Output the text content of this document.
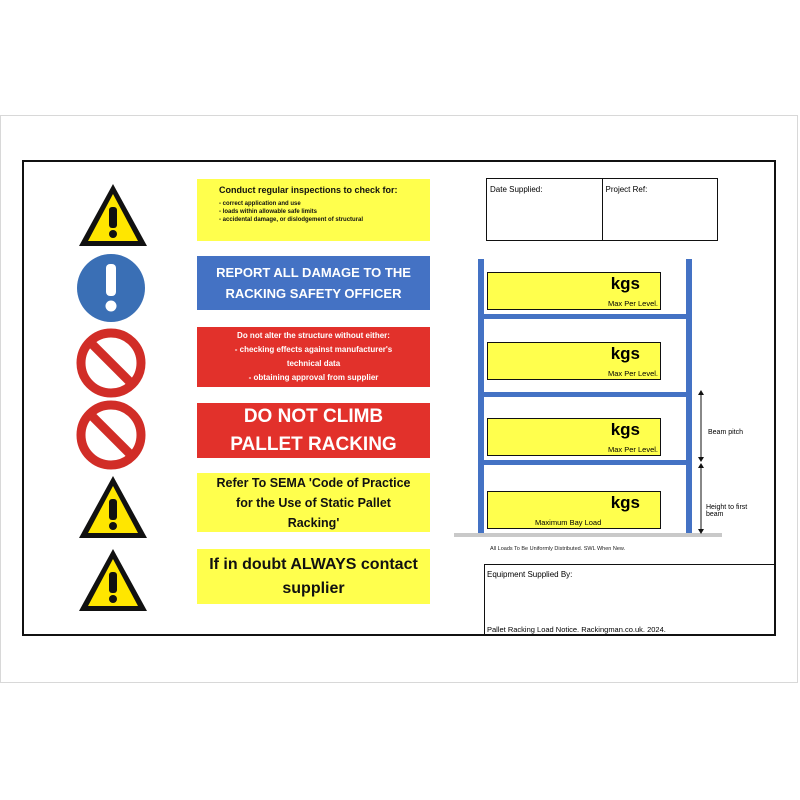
Conduct regular inspections to check for:
- correct application and use
- loads within allowable safe limits
- accidental damage, or dislodgement of structural
REPORT ALL DAMAGE TO THE
RACKING SAFETY OFFICER
Do not alter the structure without either:
- checking effects against manufacturer's
technical data
- obtaining approval from supplier
DO NOT CLIMB
PALLET RACKING
Refer To SEMA 'Code of Practice
for the Use of Static Pallet
Racking'
If in doubt ALWAYS contact
supplier
Date Supplied:	Project Ref:
kgs
Max Per Level.
kgs
Max Per Level.
kgs
Max Per Level.
kgs
Maximum Bay Load
Beam pitch
Height to first beam
All Loads To Be Uniformly Distributed. SWL When New.
Equipment Supplied By:
Pallet Racking Load Notice. Rackingman.co.uk. 2024.
